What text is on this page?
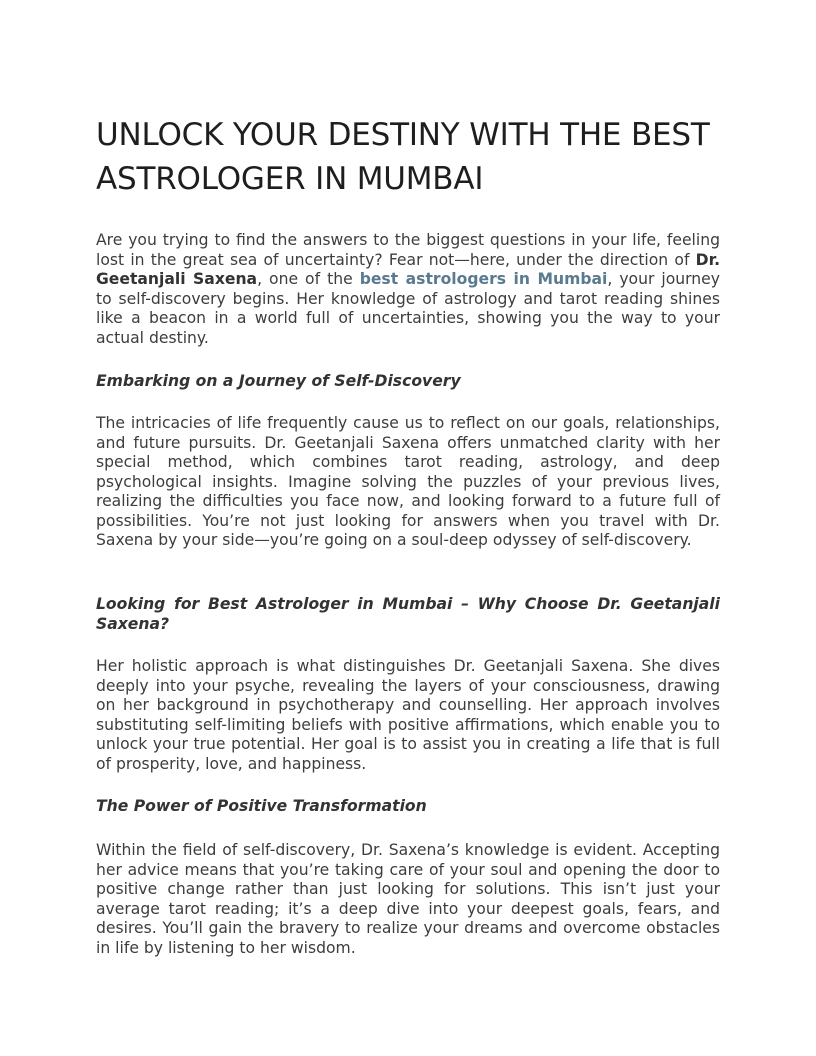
UNLOCK YOUR DESTINY WITH THE BEST ASTROLOGER IN MUMBAI

Are you trying to find the answers to the biggest questions in your life, feeling lost in the great sea of uncertainty? Fear not—here, under the direction of Dr. Geetanjali Saxena, one of the best astrologers in Mumbai, your journey to self-discovery begins. Her knowledge of astrology and tarot reading shines like a beacon in a world full of uncertainties, showing you the way to your actual destiny.

Embarking on a Journey of Self-Discovery

The intricacies of life frequently cause us to reflect on our goals, relationships, and future pursuits. Dr. Geetanjali Saxena offers unmatched clarity with her special method, which combines tarot reading, astrology, and deep psychological insights. Imagine solving the puzzles of your previous lives, realizing the difficulties you face now, and looking forward to a future full of possibilities. You’re not just looking for answers when you travel with Dr. Saxena by your side—you’re going on a soul-deep odyssey of self-discovery.

Looking for Best Astrologer in Mumbai – Why Choose Dr. Geetanjali Saxena?

Her holistic approach is what distinguishes Dr. Geetanjali Saxena. She dives deeply into your psyche, revealing the layers of your consciousness, drawing on her background in psychotherapy and counselling. Her approach involves substituting self-limiting beliefs with positive affirmations, which enable you to unlock your true potential. Her goal is to assist you in creating a life that is full of prosperity, love, and happiness.

The Power of Positive Transformation

Within the field of self-discovery, Dr. Saxena’s knowledge is evident. Accepting her advice means that you’re taking care of your soul and opening the door to positive change rather than just looking for solutions. This isn’t just your average tarot reading; it’s a deep dive into your deepest goals, fears, and desires. You’ll gain the bravery to realize your dreams and overcome obstacles in life by listening to her wisdom.
